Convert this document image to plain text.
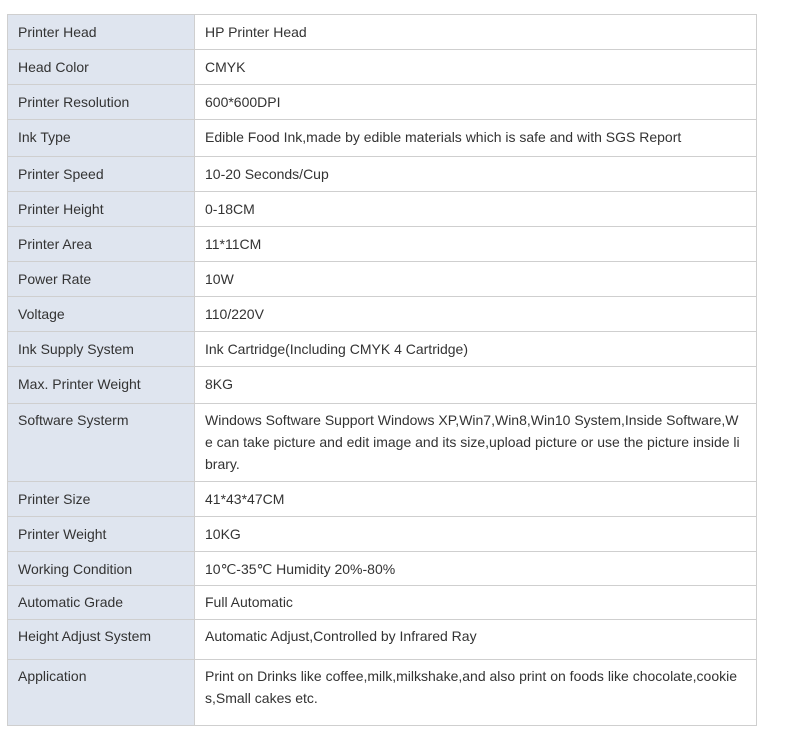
Printer Head	HP Printer Head

Head Color	CMYK

Printer Resolution	600*600DPI

Ink Type	Edible Food Ink,made by edible materials which is safe and with SGS Report

Printer Speed	10-20 Seconds/Cup

Printer Height	0-18CM

Printer Area	11*11CM

Power Rate	10W

Voltage	110/220V

Ink Supply System	Ink Cartridge(Including CMYK 4 Cartridge)

Max. Printer Weight	8KG

Software Systerm	Windows Software Support Windows XP,Win7,Win8,Win10 System,Inside Software,We can take picture and edit image and its size,upload picture or use the picture inside library.

Printer Size	41*43*47CM

Printer Weight	10KG

Working Condition	10℃-35℃ Humidity 20%-80%

Automatic Grade	Full Automatic

Height Adjust System	Automatic Adjust,Controlled by Infrared Ray

Application	Print on Drinks like coffee,milk,milkshake,and also print on foods like chocolate,cookies,Small cakes etc.
